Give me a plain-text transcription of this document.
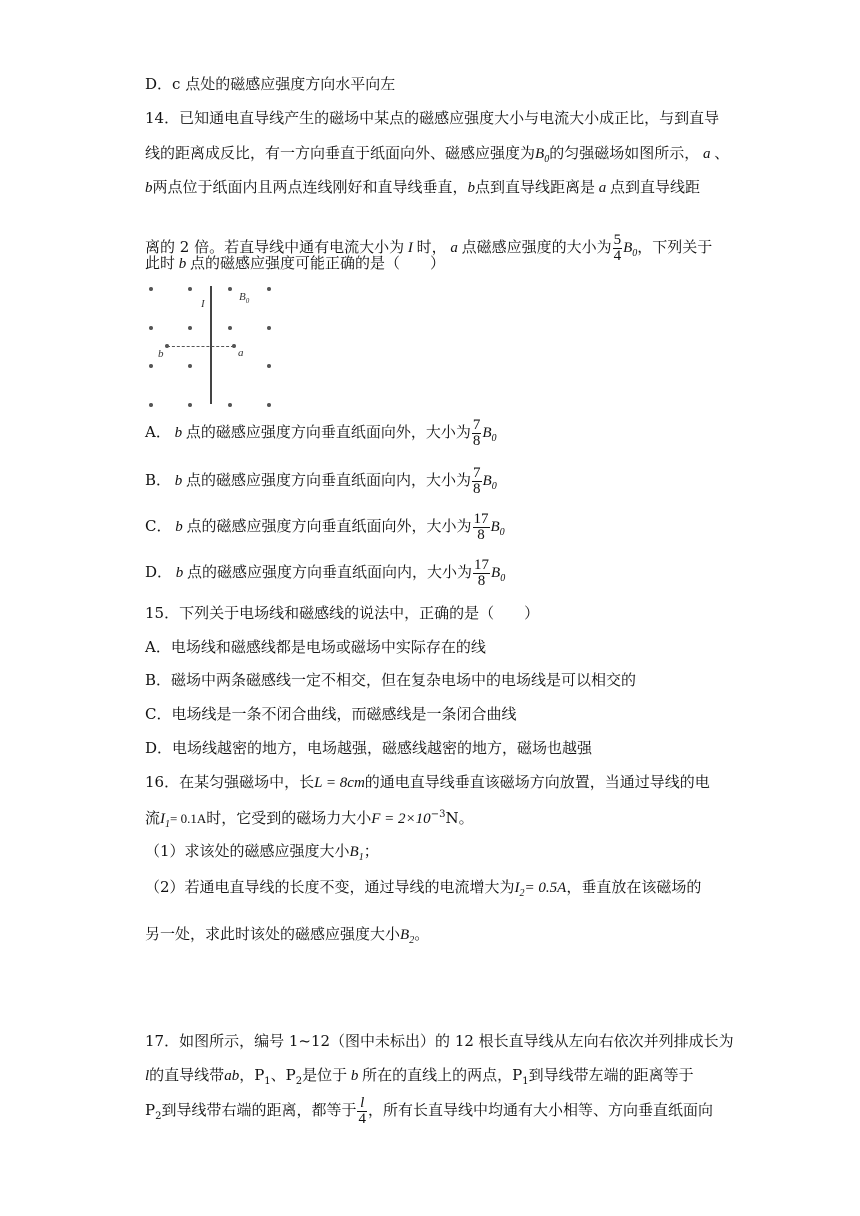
D．c 点处的磁感应强度方向水平向左
14．已知通电直导线产生的磁场中某点的磁感应强度大小与电流大小成正比，与到直导
线的距离成反比，有一方向垂直于纸面向外、磁感应强度为$B_0$的匀强磁场如图所示， a 、
b两点位于纸面内且两点连线刚好和直导线垂直，b点到直导线距离是 a 点到直导线距
离的 2 倍。若直导线中通有电流大小为 I 时， a 点磁感应强度的大小为 $\frac{5}{4} B_0$，下列关于
此时 b 点的磁感应强度可能正确的是（　　）
I
$B_0$
b	a
A． b 点的磁感应强度方向垂直纸面向外，大小为 $\frac{7}{8} B_0$
B． b 点的磁感应强度方向垂直纸面向内，大小为 $\frac{7}{8} B_0$
C． b 点的磁感应强度方向垂直纸面向外，大小为 $\frac{17}{8} B_0$
D． b 点的磁感应强度方向垂直纸面向内，大小为 $\frac{17}{8} B_0$
15．下列关于电场线和磁感线的说法中，正确的是（　　）
A．电场线和磁感线都是电场或磁场中实际存在的线
B．磁场中两条磁感线一定不相交，但在复杂电场中的电场线是可以相交的
C．电场线是一条不闭合曲线，而磁感线是一条闭合曲线
D．电场线越密的地方，电场越强，磁感线越密的地方，磁场也越强
16．在某匀强磁场中，长L = 8cm的通电直导线垂直该磁场方向放置，当通过导线的电
流$I_1= 0.1A$时，它受到的磁场力大小$F = 2\times 10^{-3}N$。
（1）求该处的磁感应强度大小$B_1$；
（2）若通电直导线的长度不变，通过导线的电流增大为$I_2= 0.5A$，垂直放在该磁场的
另一处，求此时该处的磁感应强度大小$B_2$。
17．如图所示，编号 1~12（图中未标出）的 12 根长直导线从左向右依次并列排成长为
l的直导线带ab，$P_1$、$P_2$是位于 b 所在的直线上的两点，$P_1$到导线带左端的距离等于
$P_2$到导线带右端的距离，都等于 $\frac{l}{4}$ ，所有长直导线中均通有大小相等、方向垂直纸面向
